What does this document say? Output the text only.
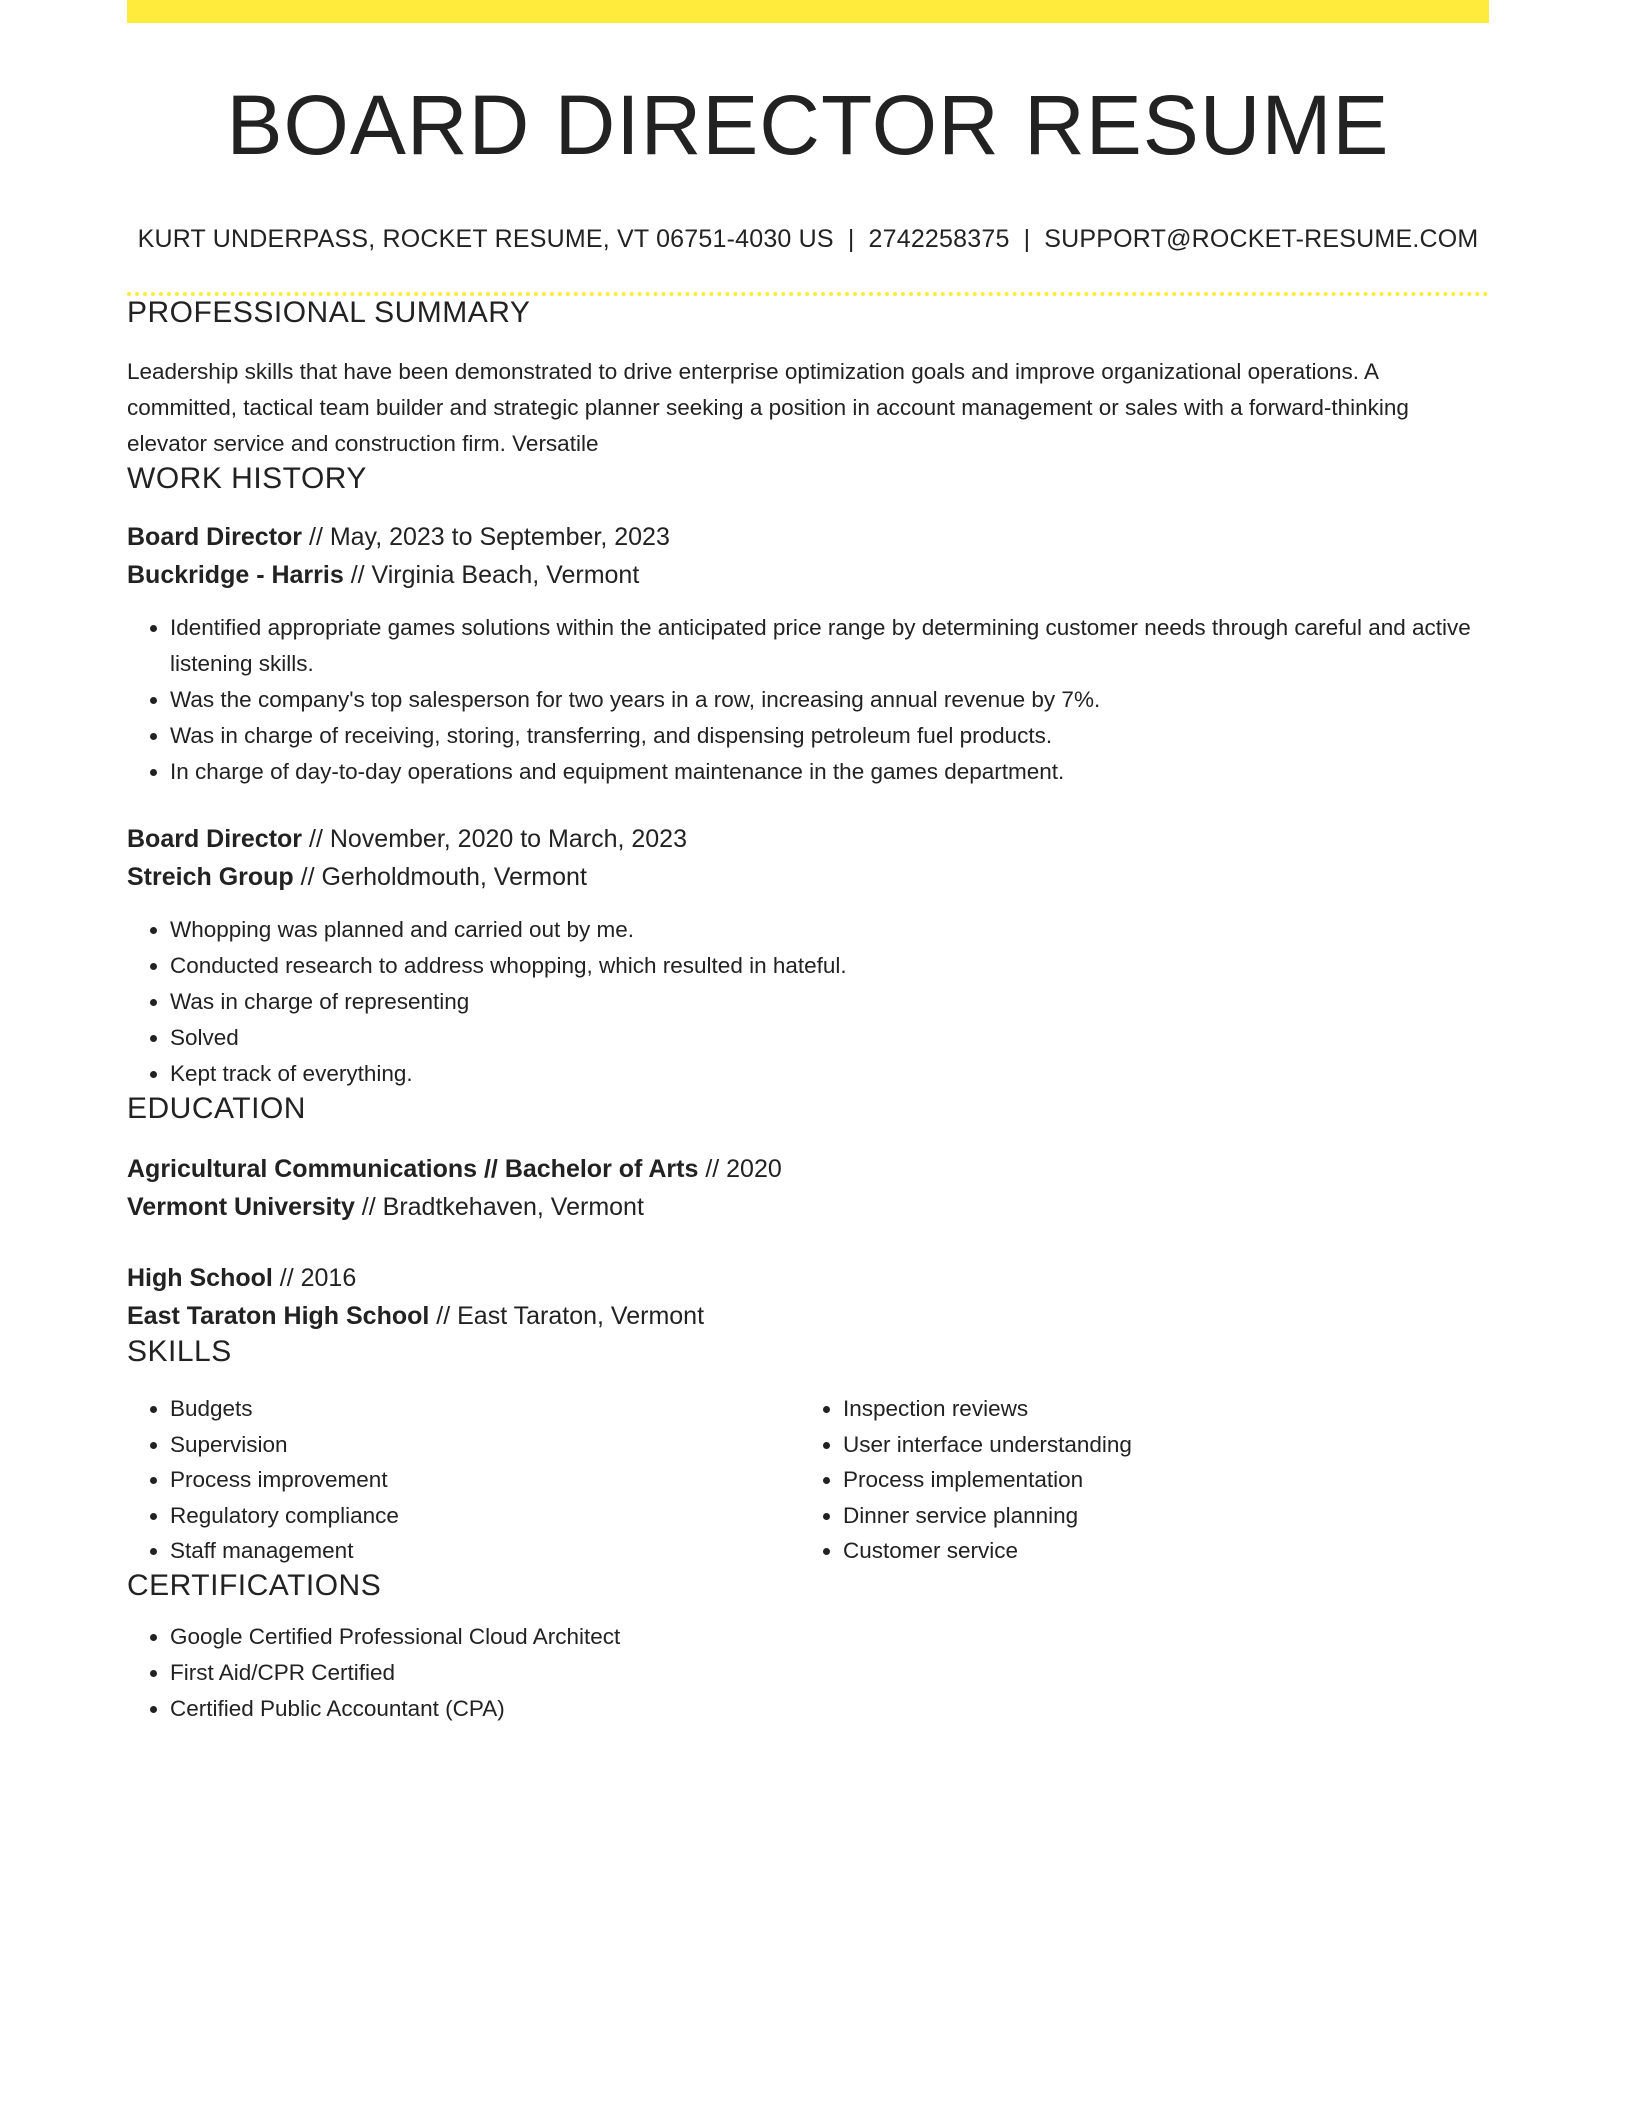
BOARD DIRECTOR RESUME
KURT UNDERPASS, ROCKET RESUME, VT 06751-4030 US | 2742258375 | SUPPORT@ROCKET-RESUME.COM
PROFESSIONAL SUMMARY
Leadership skills that have been demonstrated to drive enterprise optimization goals and improve organizational operations. A committed, tactical team builder and strategic planner seeking a position in account management or sales with a forward-thinking elevator service and construction firm. Versatile
WORK HISTORY
Board Director // May, 2023 to September, 2023
Buckridge - Harris // Virginia Beach, Vermont
• Identified appropriate games solutions within the anticipated price range by determining customer needs through careful and active listening skills.
• Was the company's top salesperson for two years in a row, increasing annual revenue by 7%.
• Was in charge of receiving, storing, transferring, and dispensing petroleum fuel products.
• In charge of day-to-day operations and equipment maintenance in the games department.
Board Director // November, 2020 to March, 2023
Streich Group // Gerholdmouth, Vermont
• Whopping was planned and carried out by me.
• Conducted research to address whopping, which resulted in hateful.
• Was in charge of representing
• Solved
• Kept track of everything.
EDUCATION
Agricultural Communications // Bachelor of Arts // 2020
Vermont University // Bradtkehaven, Vermont
High School // 2016
East Taraton High School // East Taraton, Vermont
SKILLS
• Budgets
• Supervision
• Process improvement
• Regulatory compliance
• Staff management
• Inspection reviews
• User interface understanding
• Process implementation
• Dinner service planning
• Customer service
CERTIFICATIONS
• Google Certified Professional Cloud Architect
• First Aid/CPR Certified
• Certified Public Accountant (CPA)
